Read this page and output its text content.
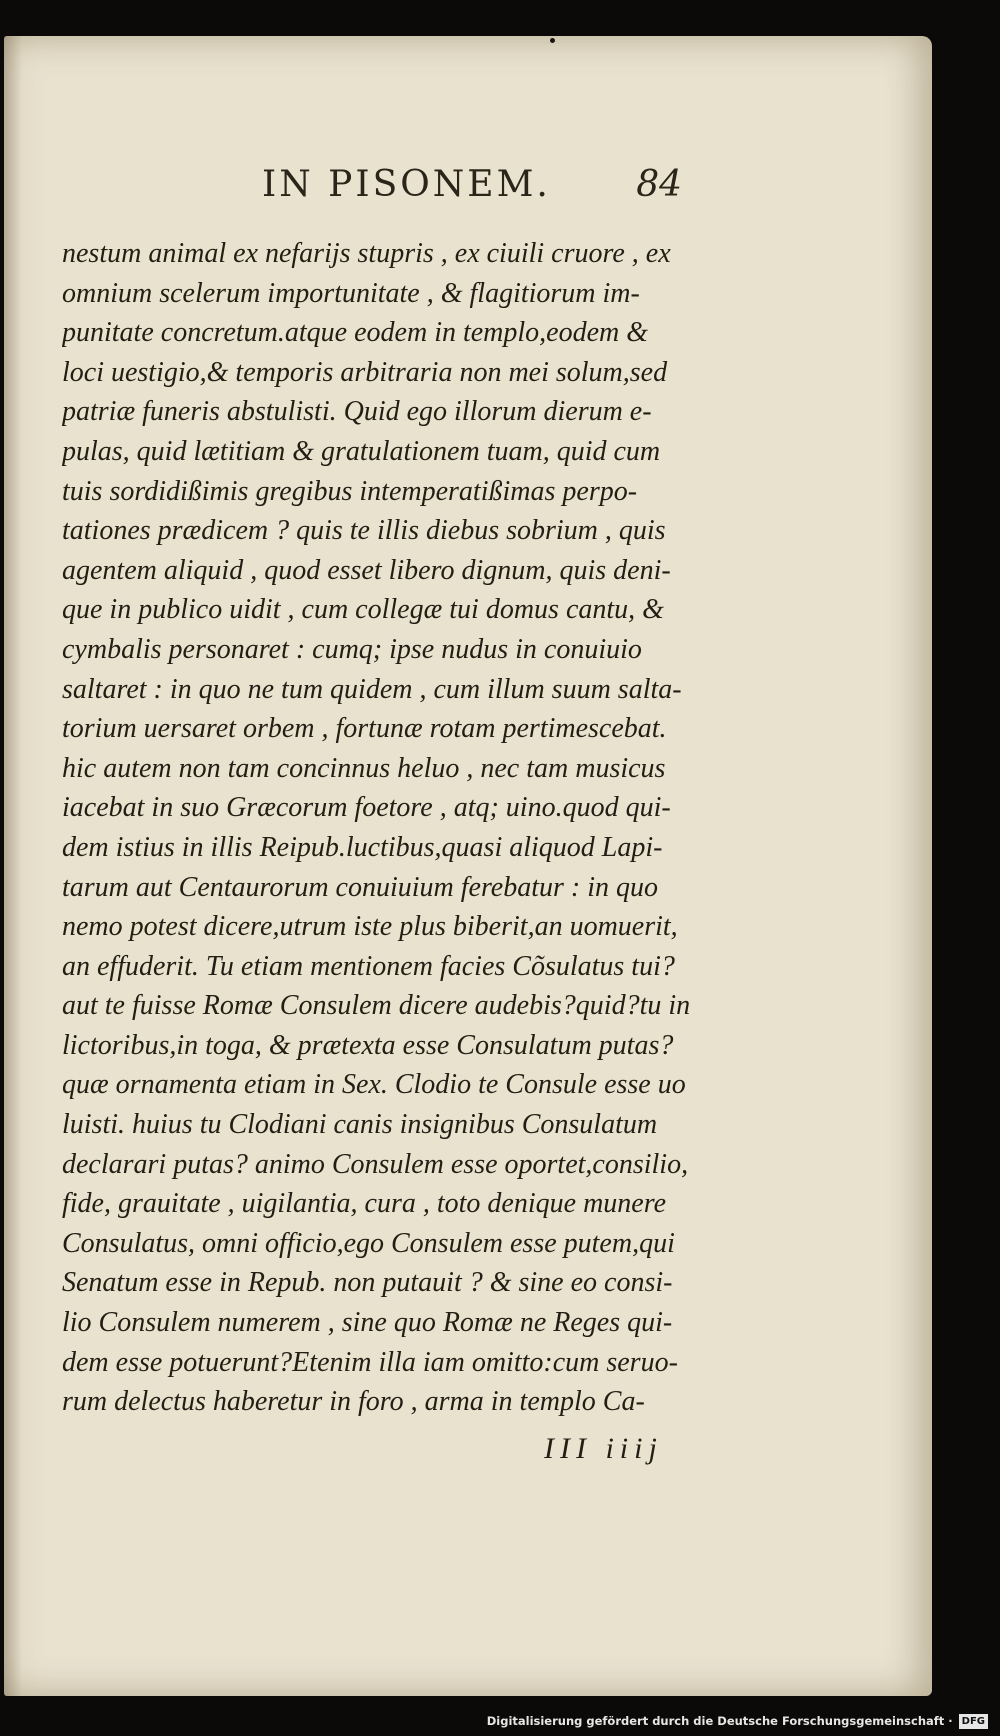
IN PISONEM. 84
nestum animal ex nefarijs stupris , ex ciuili cruore , ex
omnium scelerum importunitate , & flagitiorum im-
punitate concretum.atque eodem in templo,eodem &
loci uestigio,& temporis arbitraria non mei solum,sed
patriæ funeris abstulisti. Quid ego illorum dierum e-
pulas, quid lætitiam & gratulationem tuam, quid cum
tuis sordidißimis gregibus intemperatißimas perpo-
tationes prædicem ? quis te illis diebus sobrium , quis
agentem aliquid , quod esset libero dignum, quis deni-
que in publico uidit , cum collegæ tui domus cantu, &
cymbalis personaret : cumq; ipse nudus in conuiuio
saltaret : in quo ne tum quidem , cum illum suum salta-
torium uersaret orbem , fortunæ rotam pertimescebat.
hic autem non tam concinnus heluo , nec tam musicus
iacebat in suo Græcorum foetore , atq; uino.quod qui-
dem istius in illis Reipub.luctibus,quasi aliquod Lapi-
tarum aut Centaurorum conuiuium ferebatur : in quo
nemo potest dicere,utrum iste plus biberit,an uomuerit,
an effuderit. Tu etiam mentionem facies Cõsulatus tui?
aut te fuisse Romæ Consulem dicere audebis?quid?tu in
lictoribus,in toga, & prætexta esse Consulatum putas?
quæ ornamenta etiam in Sex. Clodio te Consule esse uo
luisti. huius tu Clodiani canis insignibus Consulatum
declarari putas? animo Consulem esse oportet,consilio,
fide, grauitate , uigilantia, cura , toto denique munere
Consulatus, omni officio,ego Consulem esse putem,qui
Senatum esse in Repub. non putauit ? & sine eo consi-
lio Consulem numerem , sine quo Romæ ne Reges qui-
dem esse potuerunt?Etenim illa iam omitto:cum seruo-
rum delectus haberetur in foro , arma in templo Ca-
III iiij
Digitalisierung gefördert durch die Deutsche Forschungsgemeinschaft · DFG
